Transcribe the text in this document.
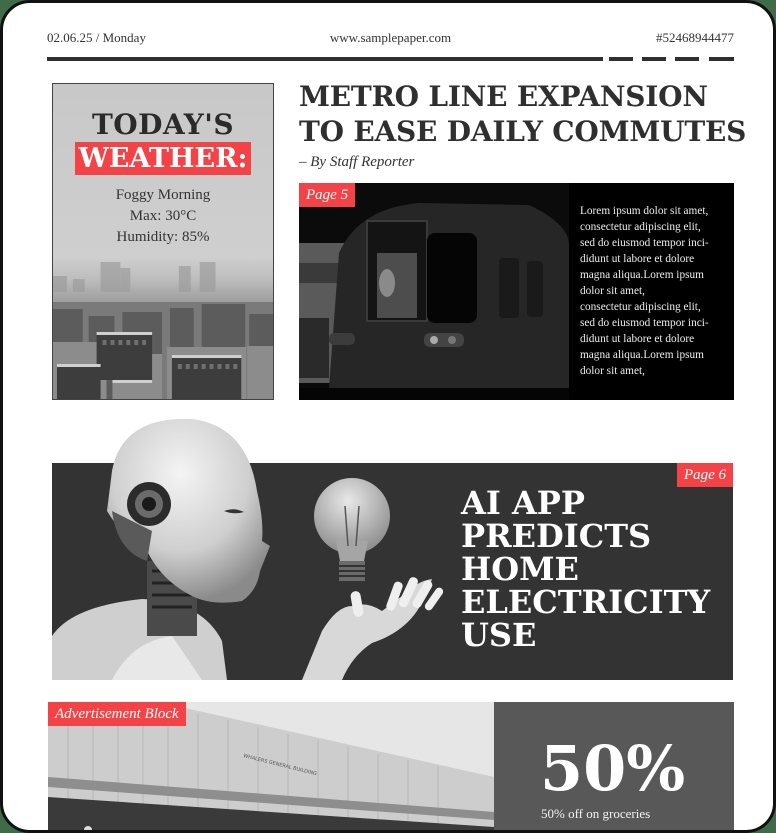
02.06.25 / Monday	www.samplepaper.com	#52468944477
TODAY'S
WEATHER:
Foggy Morning
Max: 30°C
Humidity: 85%
METRO LINE EXPANSION
TO EASE DAILY COMMUTES
– By Staff Reporter
Page 5
Lorem ipsum dolor sit amet,
consectetur adipiscing elit,
sed do eiusmod tempor inci-
didunt ut labore et dolore
magna aliqua.Lorem ipsum
dolor sit amet,
consectetur adipiscing elit,
sed do eiusmod tempor inci-
didunt ut labore et dolore
magna aliqua.Lorem ipsum
dolor sit amet,
Page 6
AI APP
PREDICTS
HOME
ELECTRICITY
USE
WHALERS GENERAL BUILDING
Advertisement Block
50%
50% off on groceries
